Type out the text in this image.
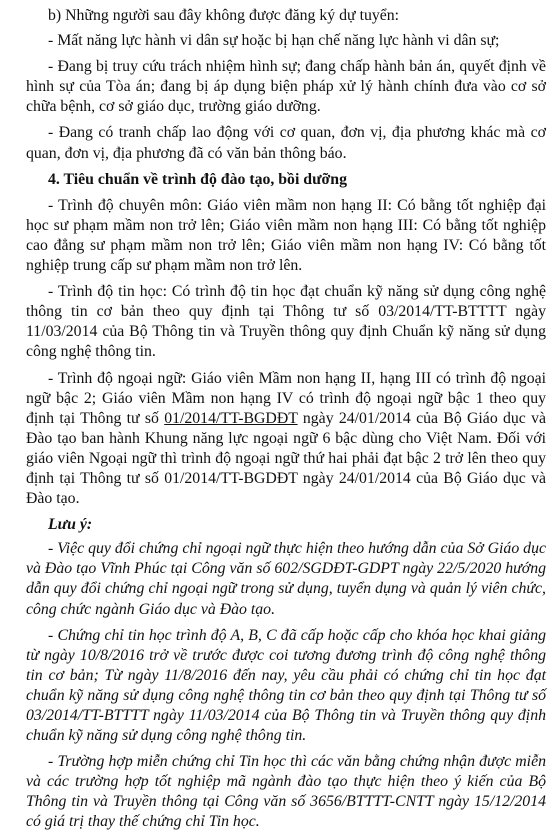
b) Những người sau đây không được đăng ký dự tuyển:

- Mất năng lực hành vi dân sự hoặc bị hạn chế năng lực hành vi dân sự;

- Đang bị truy cứu trách nhiệm hình sự; đang chấp hành bản án, quyết định về hình sự của Tòa án; đang bị áp dụng biện pháp xử lý hành chính đưa vào cơ sở chữa bệnh, cơ sở giáo dục, trường giáo dưỡng.

- Đang có tranh chấp lao động với cơ quan, đơn vị, địa phương khác mà cơ quan, đơn vị, địa phương đã có văn bản thông báo.

4. Tiêu chuẩn về trình độ đào tạo, bồi dưỡng

- Trình độ chuyên môn: Giáo viên mầm non hạng II: Có bằng tốt nghiệp đại học sư phạm mầm non trở lên; Giáo viên mầm non hạng III: Có bằng tốt nghiệp cao đẳng sư phạm mầm non trở lên; Giáo viên mầm non hạng IV: Có bằng tốt nghiệp trung cấp sư phạm mầm non trở lên.

- Trình độ tin học: Có trình độ tin học đạt chuẩn kỹ năng sử dụng công nghệ thông tin cơ bản theo quy định tại Thông tư số 03/2014/TT-BTTTT ngày 11/03/2014 của Bộ Thông tin và Truyền thông quy định Chuẩn kỹ năng sử dụng công nghệ thông tin.

- Trình độ ngoại ngữ: Giáo viên Mầm non hạng II, hạng III có trình độ ngoại ngữ bậc 2; Giáo viên Mầm non hạng IV có trình độ ngoại ngữ bậc 1 theo quy định tại Thông tư số 01/2014/TT-BGDĐT ngày 24/01/2014 của Bộ Giáo dục và Đào tạo ban hành Khung năng lực ngoại ngữ 6 bậc dùng cho Việt Nam. Đối với giáo viên Ngoại ngữ thì trình độ ngoại ngữ thứ hai phải đạt bậc 2 trở lên theo quy định tại Thông tư số 01/2014/TT-BGDĐT ngày 24/01/2014 của Bộ Giáo dục và Đào tạo.

Lưu ý:

- Việc quy đổi chứng chỉ ngoại ngữ thực hiện theo hướng dẫn của Sở Giáo dục và Đào tạo Vĩnh Phúc tại Công văn số 602/SGDĐT-GDPT ngày 22/5/2020 hướng dẫn quy đổi chứng chỉ ngoại ngữ trong sử dụng, tuyển dụng và quản lý viên chức, công chức ngành Giáo dục và Đào tạo.

- Chứng chỉ tin học trình độ A, B, C đã cấp hoặc cấp cho khóa học khai giảng từ ngày 10/8/2016 trở về trước được coi tương đương trình độ công nghệ thông tin cơ bản; Từ ngày 11/8/2016 đến nay, yêu cầu phải có chứng chỉ tin học đạt chuẩn kỹ năng sử dụng công nghệ thông tin cơ bản theo quy định tại Thông tư số 03/2014/TT-BTTTT ngày 11/03/2014 của Bộ Thông tin và Truyền thông quy định chuẩn kỹ năng sử dụng công nghệ thông tin.

- Trường hợp miễn chứng chỉ Tin học thì các văn bằng chứng nhận được miễn và các trường hợp tốt nghiệp mã ngành đào tạo thực hiện theo ý kiến của Bộ Thông tin và Truyền thông tại Công văn số 3656/BTTTT-CNTT ngày 15/12/2014 có giá trị thay thế chứng chỉ Tin học.
